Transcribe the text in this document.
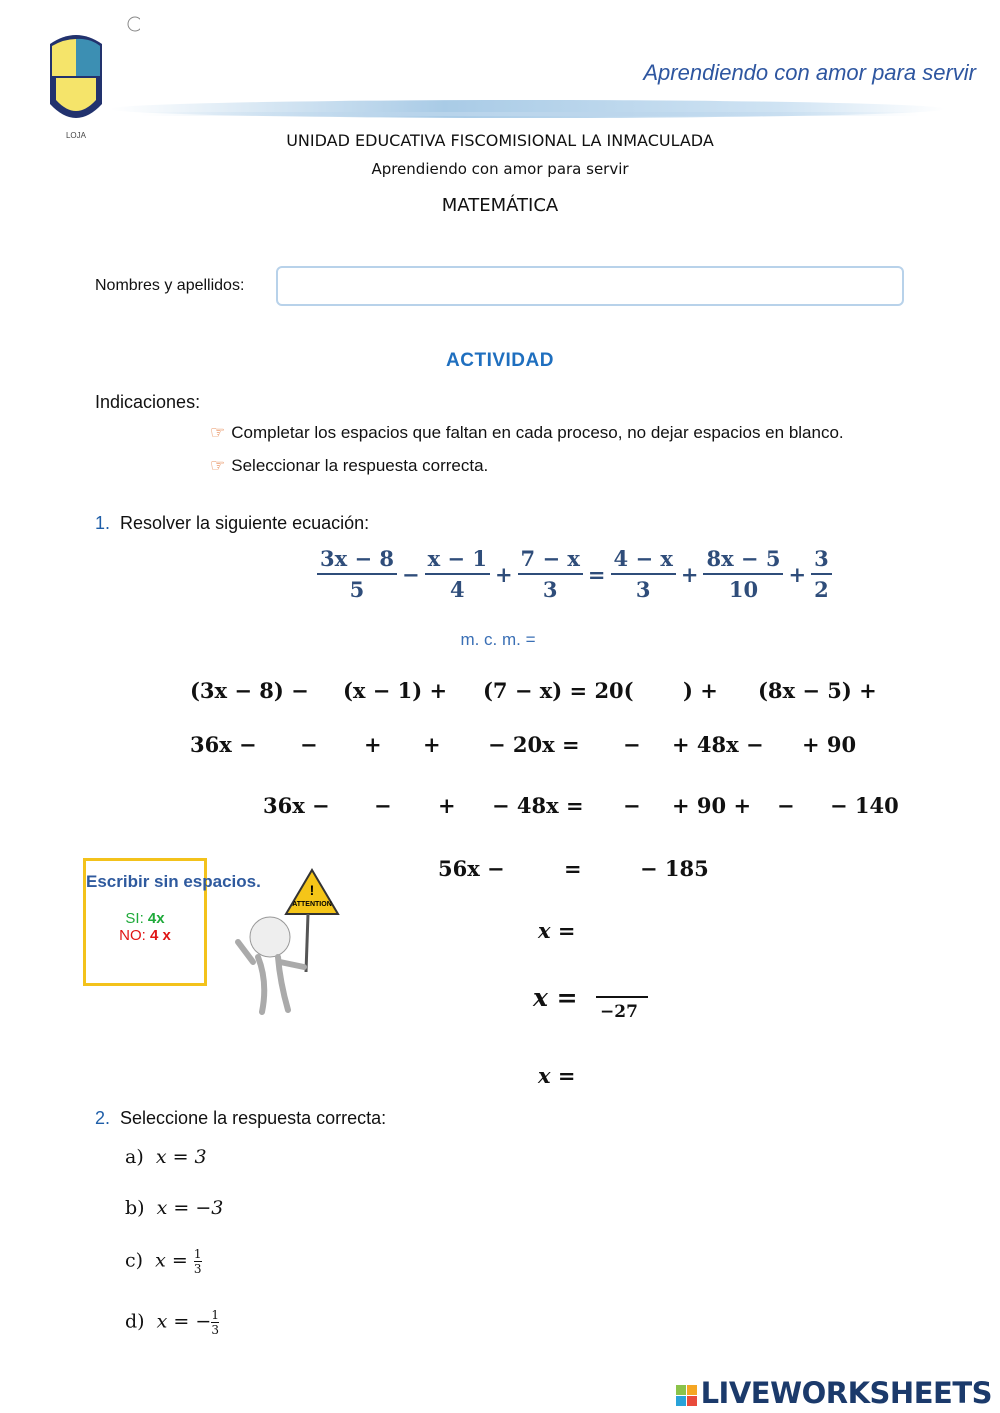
LOJA
Aprendiendo con amor para servir
UNIDAD EDUCATIVA FISCOMISIONAL LA INMACULADA
Aprendiendo con amor para servir
MATEMÁTICA
Nombres y apellidos:
ACTIVIDAD
Indicaciones:
☞ Completar los espacios que faltan en cada proceso, no dejar espacios en blanco.
☞ Seleccionar la respuesta correcta.
1. Resolver la siguiente ecuación:
$\frac{3x - 8}{5} - \frac{x - 1}{4} + \frac{7 - x}{3} = \frac{4 - x}{3} + \frac{8x - 5}{10} + \frac{3}{2}$
m. c. m. =
(3x − 8) − (x − 1) + (7 − x) = 20( ) + (8x − 5) +
36x − − + + − 20x = − + 48x − + 90
36x − − + − 48x = − + 90 + − − 140
56x −	=	− 185
x =
x = −27
x =
Escribir sin espacios.
SI: 4x
NO: 4 x
ATTENTION
!
2. Seleccione la respuesta correcta:
a) x = 3
b) x = −3
c) $x = \frac{1}{3}$
d) x = − $\frac{1}{3}$
LIVEWORKSHEETS
